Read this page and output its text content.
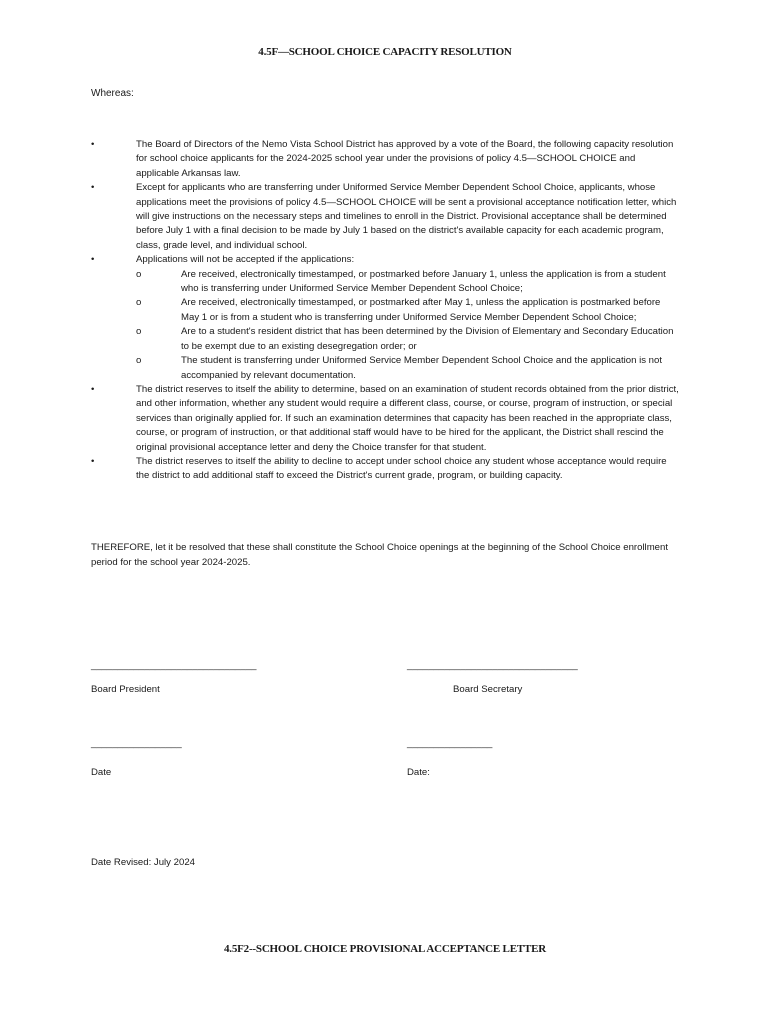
4.5F—SCHOOL CHOICE CAPACITY RESOLUTION
Whereas:
•	The Board of Directors of the Nemo Vista School District has approved by a vote of the Board, the following capacity resolution for school choice applicants for the 2024-2025 school year under the provisions of policy 4.5—SCHOOL CHOICE and applicable Arkansas law.
•	Except for applicants who are transferring under Uniformed Service Member Dependent School Choice, applicants, whose applications meet the provisions of policy 4.5—SCHOOL CHOICE will be sent a provisional acceptance notification letter, which will give instructions on the necessary steps and timelines to enroll in the District. Provisional acceptance shall be determined before July 1 with a final decision to be made by July 1 based on the district's available capacity for each academic program, class, grade level, and individual school.
•	Applications will not be accepted if the applications:
o	Are received, electronically timestamped, or postmarked before January 1, unless the application is from a student who is transferring under Uniformed Service Member Dependent School Choice;
o	Are received, electronically timestamped, or postmarked after May 1, unless the application is postmarked before May 1 or is from a student who is transferring under Uniformed Service Member Dependent School Choice;
o	Are to a student's resident district that has been determined by the Division of Elementary and Secondary Education to be exempt due to an existing desegregation order; or
o	The student is transferring under Uniformed Service Member Dependent School Choice and the application is not accompanied by relevant documentation.
•	The district reserves to itself the ability to determine, based on an examination of student records obtained from the prior district, and other information, whether any student would require a different class, course, or course, program of instruction, or special services than originally applied for. If such an examination determines that capacity has been reached in the appropriate class, course, or program of instruction, or that additional staff would have to be hired for the applicant, the District shall rescind the original provisional acceptance letter and deny the Choice transfer for that student.
•	The district reserves to itself the ability to decline to accept under school choice any student whose acceptance would require the district to add additional staff to exceed the District's current grade, program, or building capacity.
THEREFORE, let it be resolved that these shall constitute the School Choice openings at the beginning of the School Choice enrollment period for the school year 2024-2025.
_______________________________
Board President
________________________________
Board Secretary
_________________
Date
________________
Date:
Date Revised: July 2024
4.5F2--SCHOOL CHOICE PROVISIONAL ACCEPTANCE LETTER
